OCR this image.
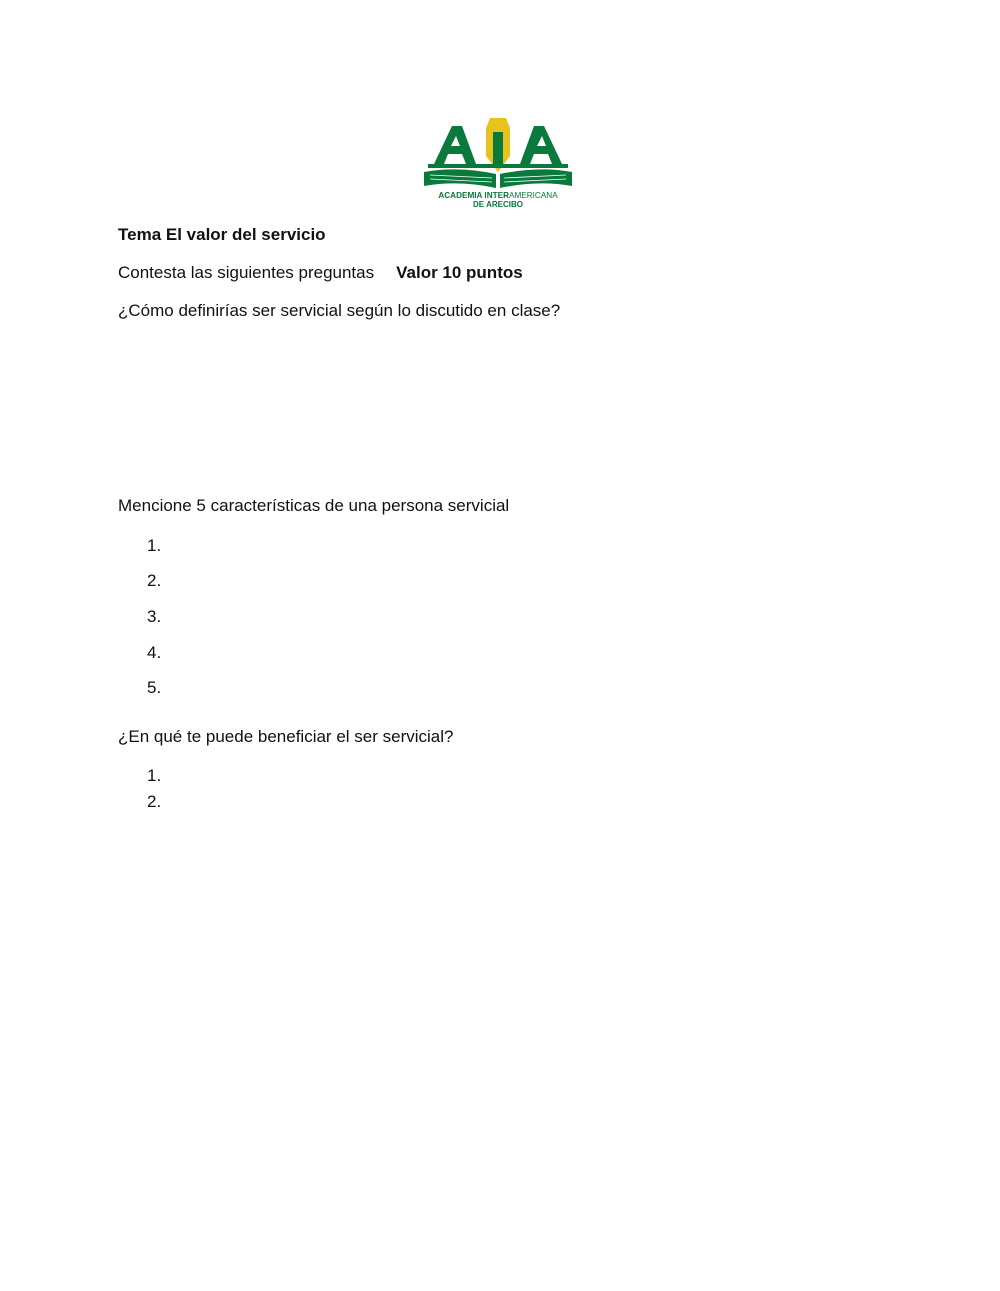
ACADEMIA INTERAMERICANA
DE ARECIBO
Tema El valor del servicio
Contesta las siguientes preguntas Valor 10 puntos
¿Cómo definirías ser servicial según lo discutido en clase?
Mencione 5 características de una persona servicial
1.
2.
3.
4.
5.
¿En qué te puede beneficiar el ser servicial?
1.
2.
